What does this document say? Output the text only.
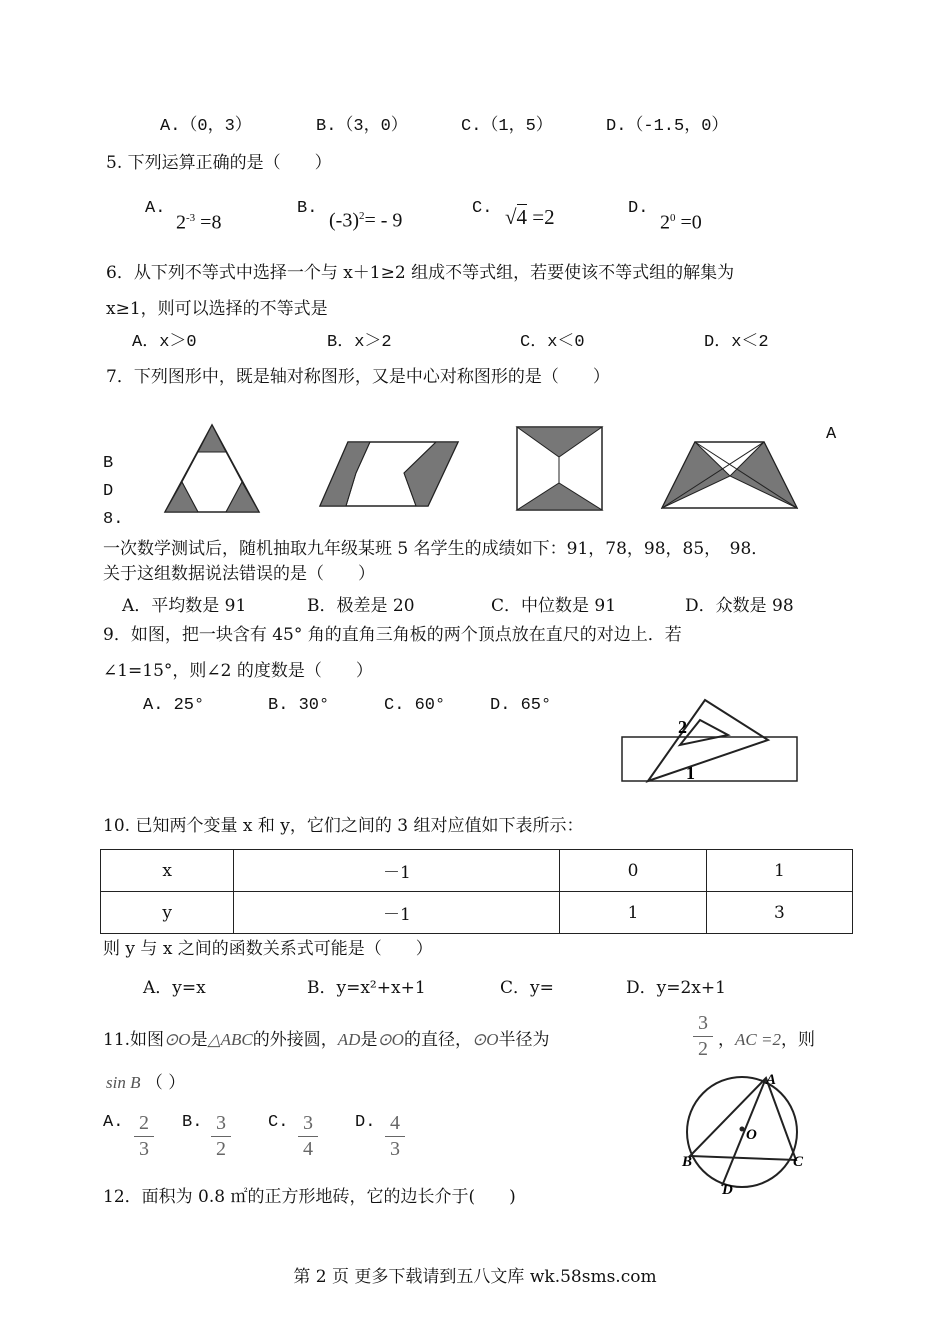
A.（0，3）	B.（3，0）	C.（1，5）	D.（-1.5，0）
5. 下列运算正确的是（　　）
A.
$2^{-3} =8$
B.
$(-3)^2= - 9$
C. √4 =2	D.
$2^0 =0$
6．从下列不等式中选择一个与 x＋1≥2 组成不等式组，若要使该不等式组的解集为
x≥1，则可以选择的不等式是
A．x＞0	B．x＞2	C．x＜0	D．x＜2
7．下列图形中，既是轴对称图形，又是中心对称图形的是（　　）
A
B
D
8.
一次数学测试后，随机抽取九年级某班 5 名学生的成绩如下：91，78，98，85，　98．
关于这组数据说法错误的是（　　）
A．平均数是 91	B．极差是 20	C．中位数是 91	D．众数是 98
9．如图，把一块含有 45° 角的直角三角板的两个顶点放在直尺的对边上．若
∠1=15°，则∠2 的度数是（　　）
A. 25°	B. 30°	C. 60°	D. 65°
2
1
10. 已知两个变量 x 和 y，它们之间的 3 组对应值如下表所示：
x	－1	0	1
y	－1	1	3
则 y 与 x 之间的函数关系式可能是（　　）
A．y=x	B．y=x²+x+1	C．y=	D．y=2x+1
11.如图⊙O是△ABC的外接圆，AD是⊙O的直径，⊙O半径为
3
2 ，AC =2，则
sin B （ ）
A. 2
3
B. 3
2
C. 3
4
D. 4
3
A
O
B	C
D
12．面积为 0.8 ㎡的正方形地砖，它的边长介于(　　)
第 2 页 更多下载请到五八文库 wk.58sms.com
